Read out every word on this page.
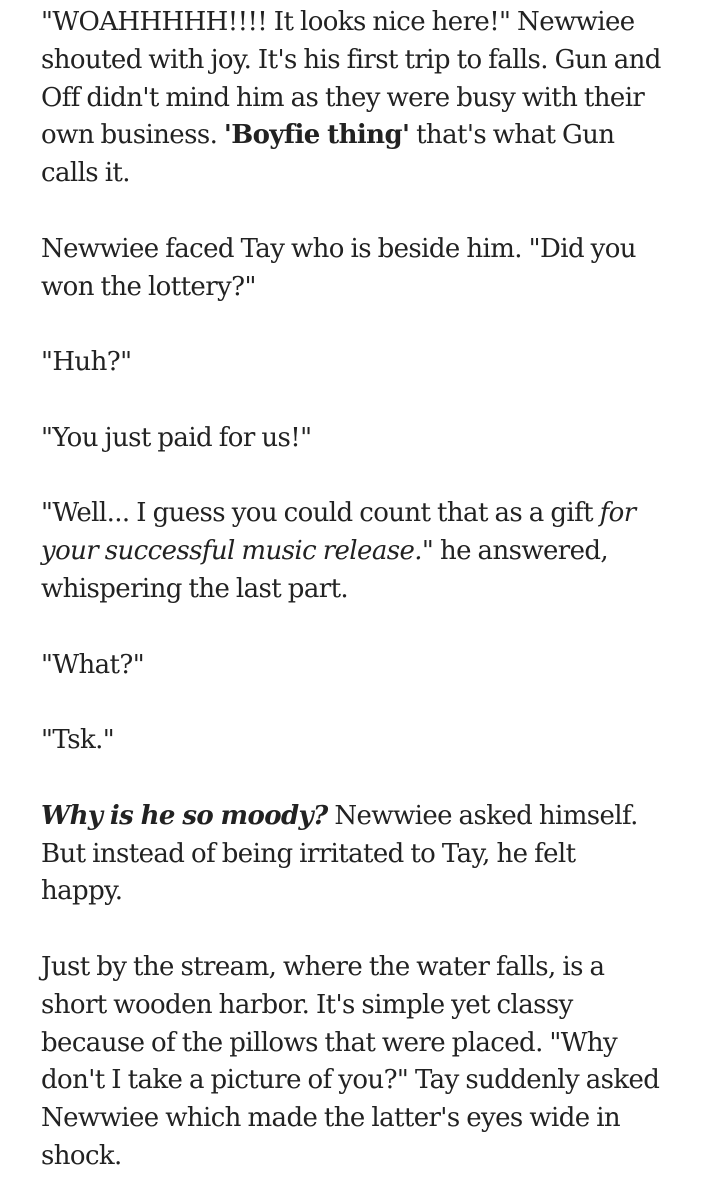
"WOAHHHHH!!!! It looks nice here!" Newwiee shouted with joy. It's his first trip to falls. Gun and Off didn't mind him as they were busy with their own business. 'Boyfie thing' that's what Gun calls it.

Newwiee faced Tay who is beside him. "Did you won the lottery?"

"Huh?"

"You just paid for us!"

"Well... I guess you could count that as a gift for your successful music release." he answered, whispering the last part.

"What?"

"Tsk."

Why is he so moody? Newwiee asked himself. But instead of being irritated to Tay, he felt happy.

Just by the stream, where the water falls, is a short wooden harbor. It's simple yet classy because of the pillows that were placed. "Why don't I take a picture of you?" Tay suddenly asked Newwiee which made the latter's eyes wide in shock.
